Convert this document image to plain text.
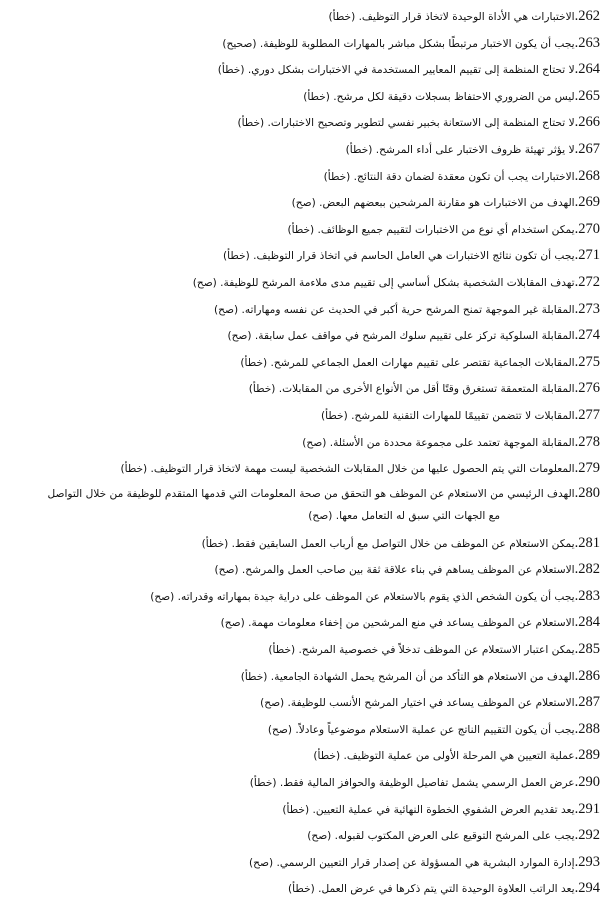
262
.
الاختبارات هي الأداة الوحيدة لاتخاذ قرار التوظيف. (خطأ)
263
.
يجب أن يكون الاختبار مرتبطًا بشكل مباشر بالمهارات المطلوبة للوظيفة. (صحيح)
264
.
لا تحتاج المنظمة إلى تقييم المعايير المستخدمة في الاختبارات بشكل دوري. (خطأ)
265
.
ليس من الضروري الاحتفاظ بسجلات دقيقة لكل مرشح. (خطأ)
266
.
لا تحتاج المنظمة إلى الاستعانة بخبير نفسي لتطوير وتصحيح الاختبارات. (خطأ)
267
.
لا يؤثر تهيئة ظروف الاختبار على أداء المرشح. (خطأ)
268
.
الاختبارات يجب أن تكون معقدة لضمان دقة النتائج. (خطأ)
269
.
الهدف من الاختبارات هو مقارنة المرشحين ببعضهم البعض. (صح)
270
.
يمكن استخدام أي نوع من الاختبارات لتقييم جميع الوظائف. (خطأ)
271
.
يجب أن تكون نتائج الاختبارات هي العامل الحاسم في اتخاذ قرار التوظيف. (خطأ)
272
.
تهدف المقابلات الشخصية بشكل أساسي إلى تقييم مدى ملاءمة المرشح للوظيفة. (صح)
273
.
المقابلة غير الموجهة تمنح المرشح حرية أكبر في الحديث عن نفسه ومهاراته. (صح)
274
.
المقابلة السلوكية تركز على تقييم سلوك المرشح في مواقف عمل سابقة. (صح)
275
.
المقابلات الجماعية تقتصر على تقييم مهارات العمل الجماعي للمرشح. (خطأ)
276
.
المقابلة المتعمقة تستغرق وقتًا أقل من الأنواع الأخرى من المقابلات. (خطأ)
277
.
المقابلات لا تتضمن تقييمًا للمهارات التقنية للمرشح. (خطأ)
278
.
المقابلة الموجهة تعتمد على مجموعة محددة من الأسئلة. (صح)
279
.
المعلومات التي يتم الحصول عليها من خلال المقابلات الشخصية ليست مهمة لاتخاذ قرار التوظيف. (خطأ)
280.الهدف الرئيسي من الاستعلام عن الموظف هو التحقق من صحة المعلومات التي قدمها المتقدم للوظيفة من خلال التواصل
مع الجهات التي سبق له التعامل معها. (صح)
281
.
يمكن الاستعلام عن الموظف من خلال التواصل مع أرباب العمل السابقين فقط. (خطأ)
282
.
الاستعلام عن الموظف يساهم في بناء علاقة ثقة بين صاحب العمل والمرشح. (صح)
283
.
يجب أن يكون الشخص الذي يقوم بالاستعلام عن الموظف على دراية جيدة بمهاراته وقدراته. (صح)
284
.
الاستعلام عن الموظف يساعد في منع المرشحين من إخفاء معلومات مهمة. (صح)
285
.
يمكن اعتبار الاستعلام عن الموظف تدخلاً في خصوصية المرشح. (خطأ)
286
.
الهدف من الاستعلام هو التأكد من أن المرشح يحمل الشهادة الجامعية. (خطأ)
287
.
الاستعلام عن الموظف يساعد في اختيار المرشح الأنسب للوظيفة. (صح)
288
.
يجب أن يكون التقييم الناتج عن عملية الاستعلام موضوعياً وعادلاً. (صح)
289
.
عملية التعيين هي المرحلة الأولى من عملية التوظيف. (خطأ)
290
.
عرض العمل الرسمي يشمل تفاصيل الوظيفة والحوافز المالية فقط. (خطأ)
291
.
يعد تقديم العرض الشفوي الخطوة النهائية في عملية التعيين. (خطأ)
292
.
يجب على المرشح التوقيع على العرض المكتوب لقبوله. (صح)
293
.
إدارة الموارد البشرية هي المسؤولة عن إصدار قرار التعيين الرسمي. (صح)
294
.
يعد الراتب العلاوة الوحيدة التي يتم ذكرها في عرض العمل. (خطأ)
